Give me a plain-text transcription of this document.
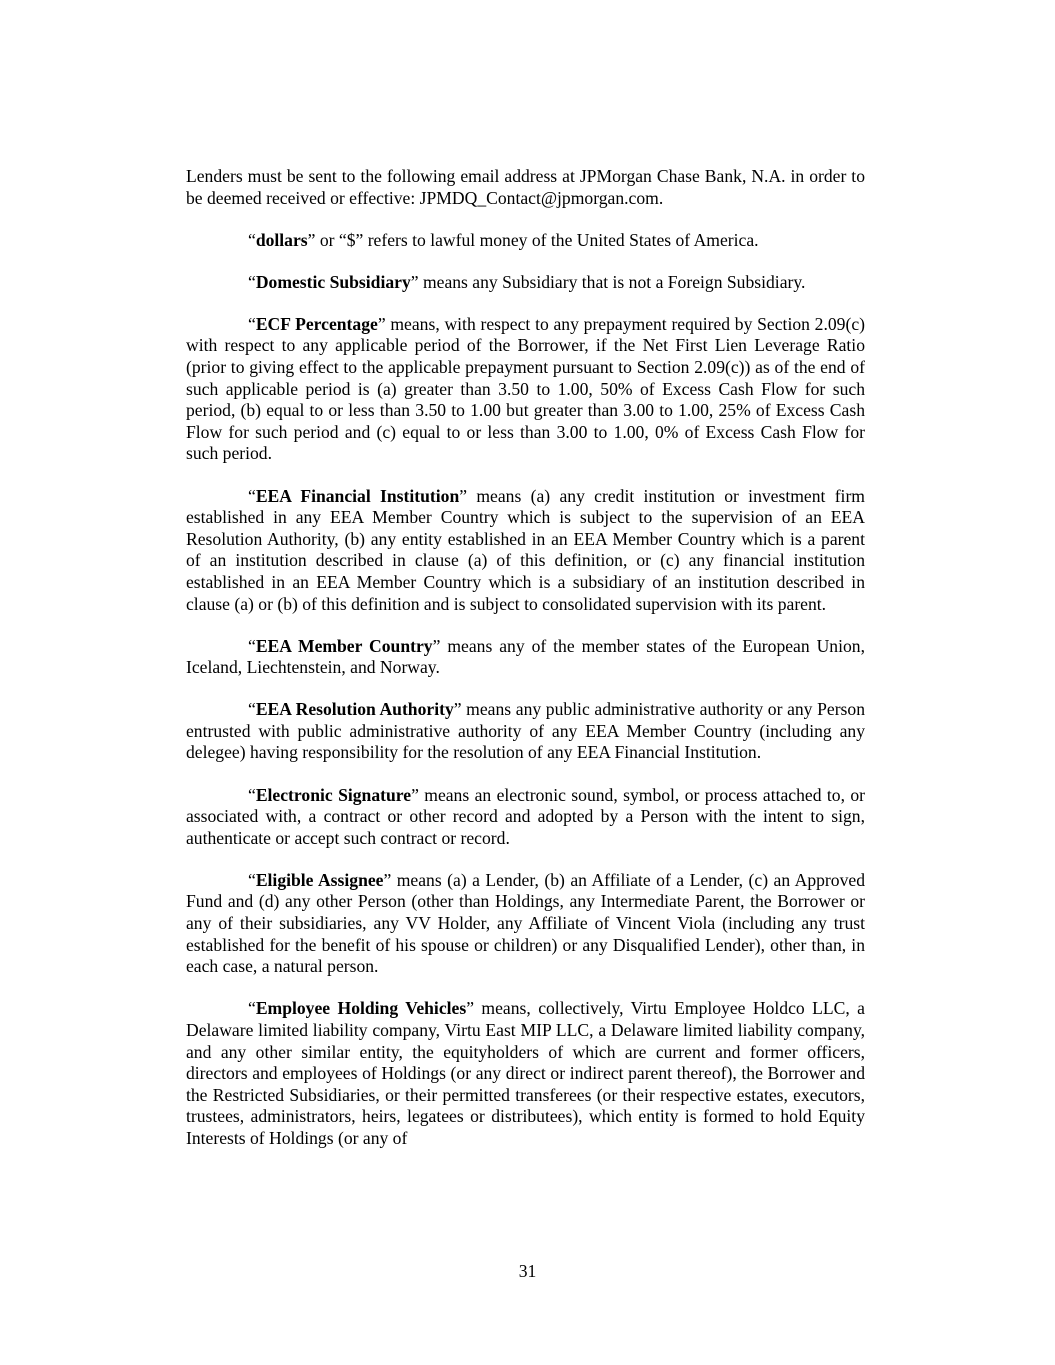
Lenders must be sent to the following email address at JPMorgan Chase Bank, N.A. in order to be deemed received or effective: JPMDQ_Contact@jpmorgan.com.

“dollars” or “$” refers to lawful money of the United States of America.

“Domestic Subsidiary” means any Subsidiary that is not a Foreign Subsidiary.

“ECF Percentage” means, with respect to any prepayment required by Section 2.09(c) with respect to any applicable period of the Borrower, if the Net First Lien Leverage Ratio (prior to giving effect to the applicable prepayment pursuant to Section 2.09(c)) as of the end of such applicable period is (a) greater than 3.50 to 1.00, 50% of Excess Cash Flow for such period, (b) equal to or less than 3.50 to 1.00 but greater than 3.00 to 1.00, 25% of Excess Cash Flow for such period and (c) equal to or less than 3.00 to 1.00, 0% of Excess Cash Flow for such period.

“EEA Financial Institution” means (a) any credit institution or investment firm established in any EEA Member Country which is subject to the supervision of an EEA Resolution Authority, (b) any entity established in an EEA Member Country which is a parent of an institution described in clause (a) of this definition, or (c) any financial institution established in an EEA Member Country which is a subsidiary of an institution described in clause (a) or (b) of this definition and is subject to consolidated supervision with its parent.

“EEA Member Country” means any of the member states of the European Union, Iceland, Liechtenstein, and Norway.

“EEA Resolution Authority” means any public administrative authority or any Person entrusted with public administrative authority of any EEA Member Country (including any delegee) having responsibility for the resolution of any EEA Financial Institution.

“Electronic Signature” means an electronic sound, symbol, or process attached to, or associated with, a contract or other record and adopted by a Person with the intent to sign, authenticate or accept such contract or record.

“Eligible Assignee” means (a) a Lender, (b) an Affiliate of a Lender, (c) an Approved Fund and (d) any other Person (other than Holdings, any Intermediate Parent, the Borrower or any of their subsidiaries, any VV Holder, any Affiliate of Vincent Viola (including any trust established for the benefit of his spouse or children) or any Disqualified Lender), other than, in each case, a natural person.

“Employee Holding Vehicles” means, collectively, Virtu Employee Holdco LLC, a Delaware limited liability company, Virtu East MIP LLC, a Delaware limited liability company, and any other similar entity, the equityholders of which are current and former officers, directors and employees of Holdings (or any direct or indirect parent thereof), the Borrower and the Restricted Subsidiaries, or their permitted transferees (or their respective estates, executors, trustees, administrators, heirs, legatees or distributees), which entity is formed to hold Equity Interests of Holdings (or any of

31
